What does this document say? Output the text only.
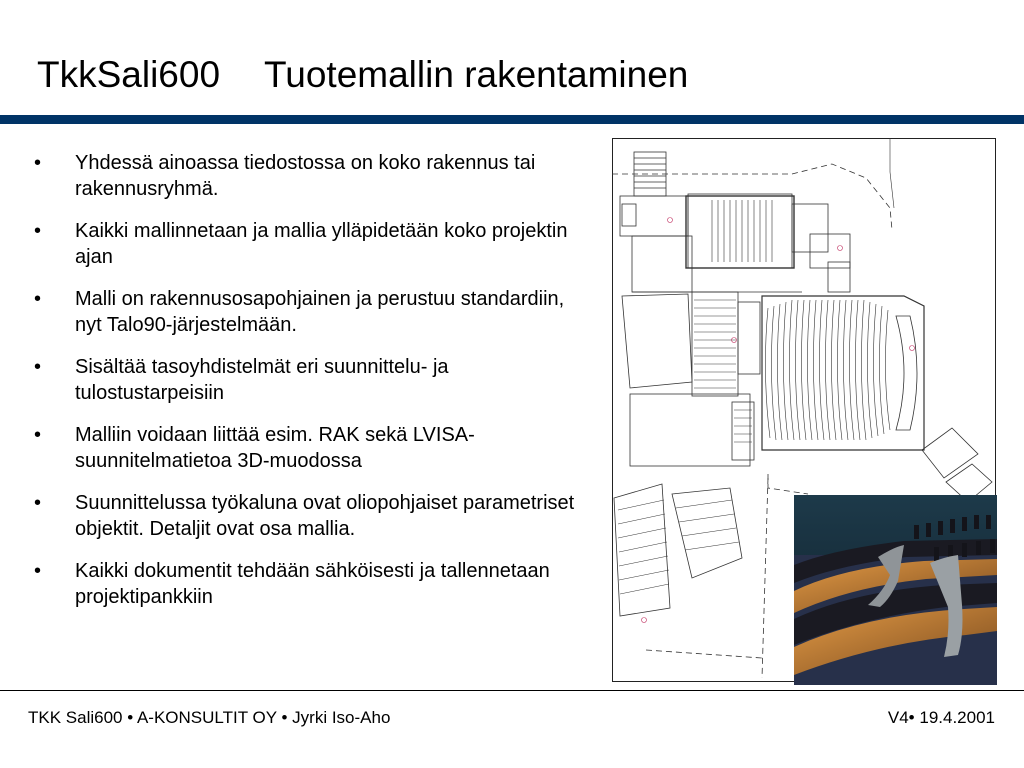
TkkSali600 Tuotemallin rakentaminen
• Yhdessä ainoassa tiedostossa on koko rakennus tai rakennusryhmä.
• Kaikki mallinnetaan ja mallia ylläpidetään koko projektin ajan
• Malli on rakennusosapohjainen ja perustuu standardiin, nyt Talo90-järjestelmään.
• Sisältää tasoyhdistelmät eri suunnittelu- ja tulostustarpeisiin
• Malliin voidaan liittää esim. RAK sekä LVISA-suunnitelmatietoa 3D-muodossa
• Suunnittelussa työkaluna ovat oliopohjaiset parametriset objektit. Detaljit ovat osa mallia.
• Kaikki dokumentit tehdään sähköisesti ja tallennetaan projektipankkiin
TKK Sali600 • A-KONSULTIT OY • Jyrki Iso-Aho	V4• 19.4.2001
